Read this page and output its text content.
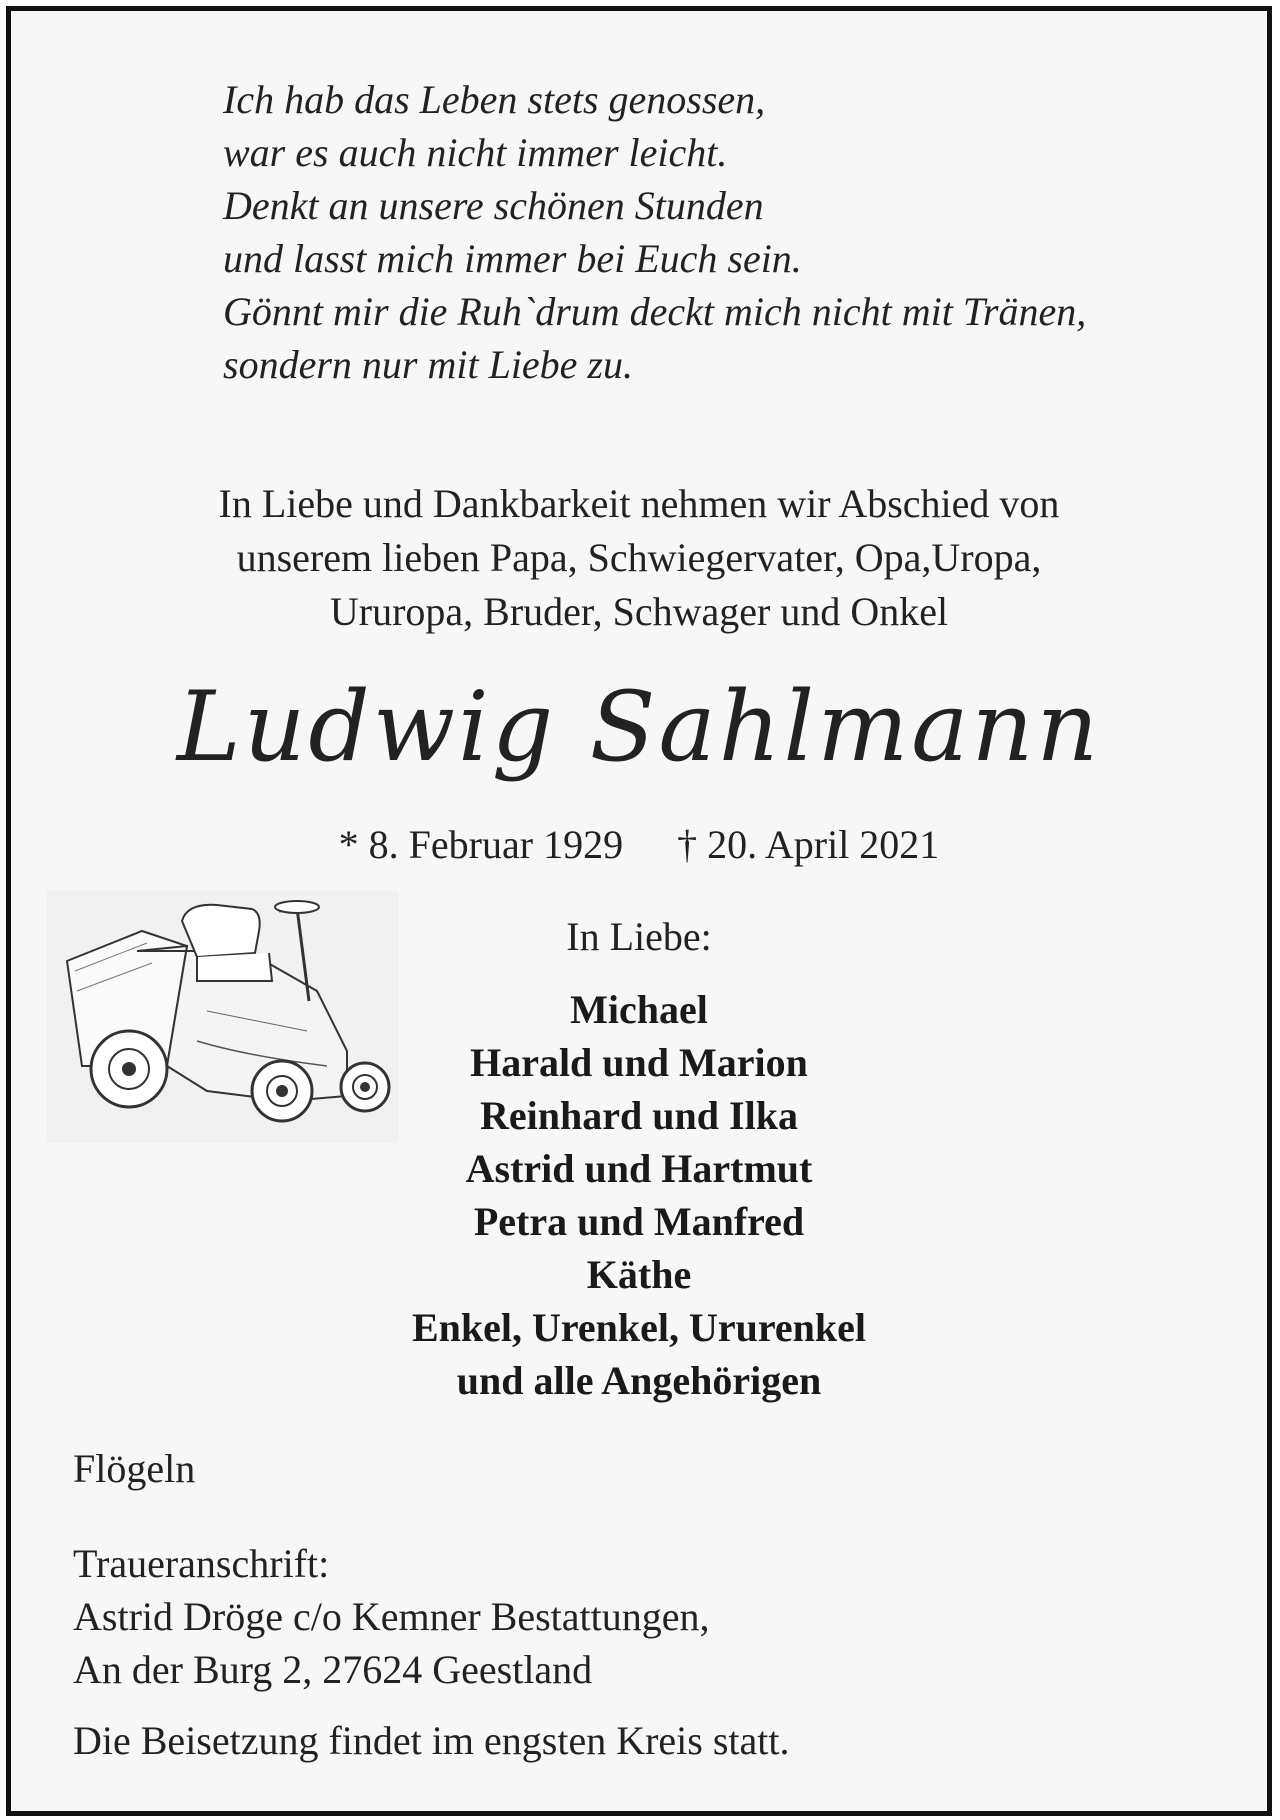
Ich hab das Leben stets genossen,
war es auch nicht immer leicht.
Denkt an unsere schönen Stunden
und lasst mich immer bei Euch sein.
Gönnt mir die Ruh`drum deckt mich nicht mit Tränen,
sondern nur mit Liebe zu.
In Liebe und Dankbarkeit nehmen wir Abschied von
unserem lieben Papa, Schwiegervater, Opa,Uropa,
Ururopa, Bruder, Schwager und Onkel
Ludwig Sahlmann
* 8. Februar 1929 † 20. April 2021
In Liebe:
Michael
Harald und Marion
Reinhard und Ilka
Astrid und Hartmut
Petra und Manfred
Käthe
Enkel, Urenkel, Ururenkel
und alle Angehörigen
Flögeln
Traueranschrift:
Astrid Dröge c/o Kemner Bestattungen,
An der Burg 2, 27624 Geestland
Die Beisetzung findet im engsten Kreis statt.
